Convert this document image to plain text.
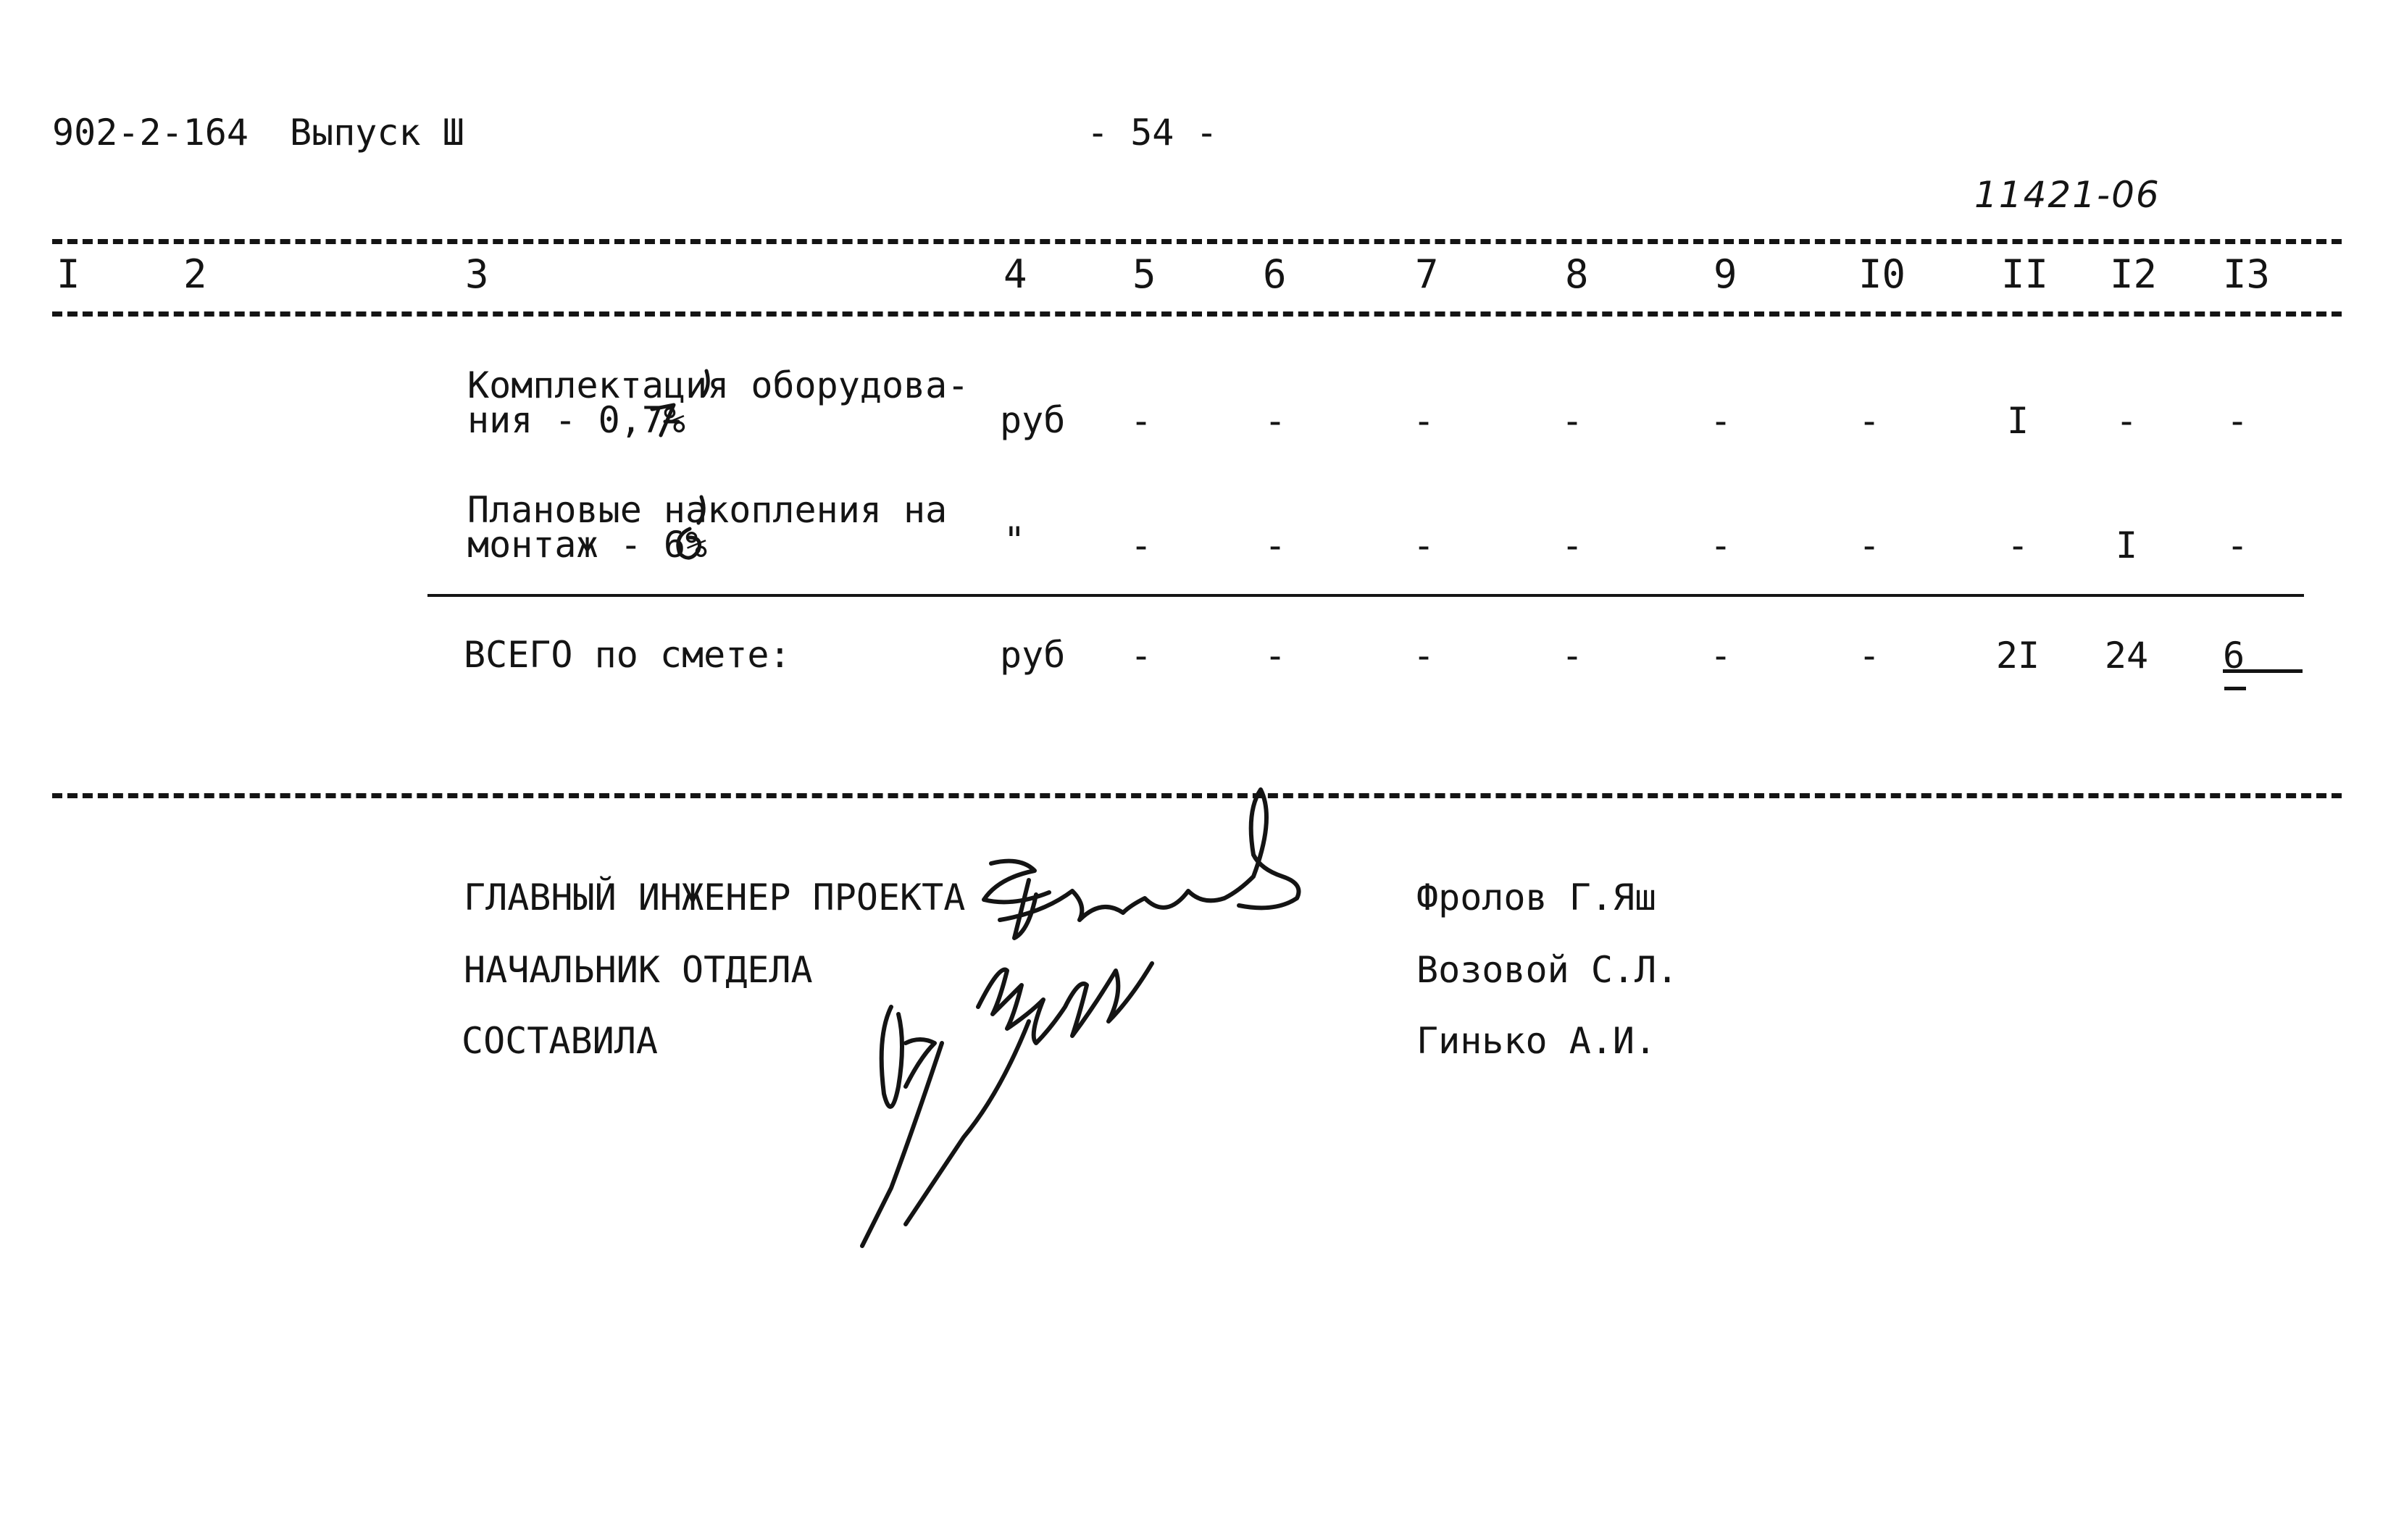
902-2-164 Выпуск Ш	- 54 -
11421-06
I	2	3	4	5	6	7	8	9	I0 II I2 I3
Комплектация оборудова-
ния - 0,7%	руб	-	-	-	-	-	-	I	-	-
Плановые накопления на
монтаж - 6%	"	-	-	-	-	-	-	-	I	-
ВСЕГО по смете:	руб	-	-	-	-	-	-	2I 24 6
ГЛАВНЫЙ ИНЖЕНЕР ПРОЕКТА
НАЧАЛЬНИК ОТДЕЛА
СОСТАВИЛА
Фролов Г.Яш
Возовой С.Л.
Гинько А.И.
